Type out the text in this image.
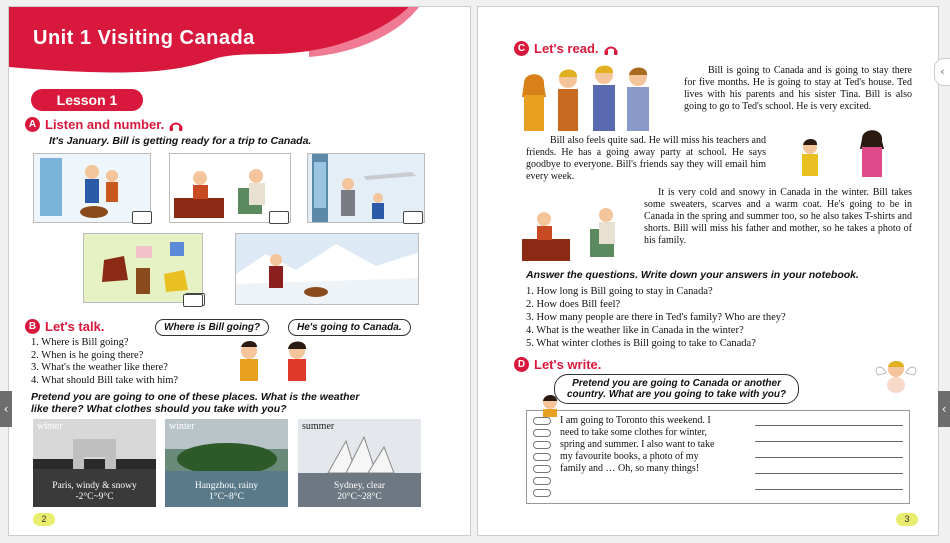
Unit 1 Visiting Canada
Lesson 1
A Listen and number.
It's January. Bill is getting ready for a trip to Canada.
B Let's talk.
1. Where is Bill going?
2. When is he going there?
3. What's the weather like there?
4. What should Bill take with him?
Where is Bill going?	He's going to Canada.
Pretend you are going to one of these places. What is the weather
like there? What clothes should you take with you?
winter
Paris, windy & snowy
-2°C~9°C
winter
Hangzhou, rainy
1°C~8°C
summer
Sydney, clear
20°C~28°C
2
C Let's read.
Bill is going to Canada and is going to stay there for five months. He is going to stay at Ted's house. Ted lives with his parents and his sister Tina. Bill is also going to go to Ted's school. He is very excited.
Bill also feels quite sad. He will miss his teachers and friends. He has a going away party at school. He says goodbye to everyone. Bill's friends say they will email him every week.
It is very cold and snowy in Canada in the winter. Bill takes some sweaters, scarves and a warm coat. He's going to be in Canada in the spring and summer too, so he also takes T-shirts and shorts. Bill will miss his father and mother, so he takes a photo of his family.
Answer the questions. Write down your answers in your notebook.
1. How long is Bill going to stay in Canada?
2. How does Bill feel?
3. How many people are there in Ted's family? Who are they?
4. What is the weather like in Canada in the winter?
5. What winter clothes is Bill going to take to Canada?
D Let's write.
Pretend you are going to Canada or another
country. What are you going to take with you?
I am going to Toronto this weekend. I need to take some clothes for winter, spring and summer. I also want to take my favourite books, a photo of my family and … Oh, so many things!
3
‹	‹
‹
